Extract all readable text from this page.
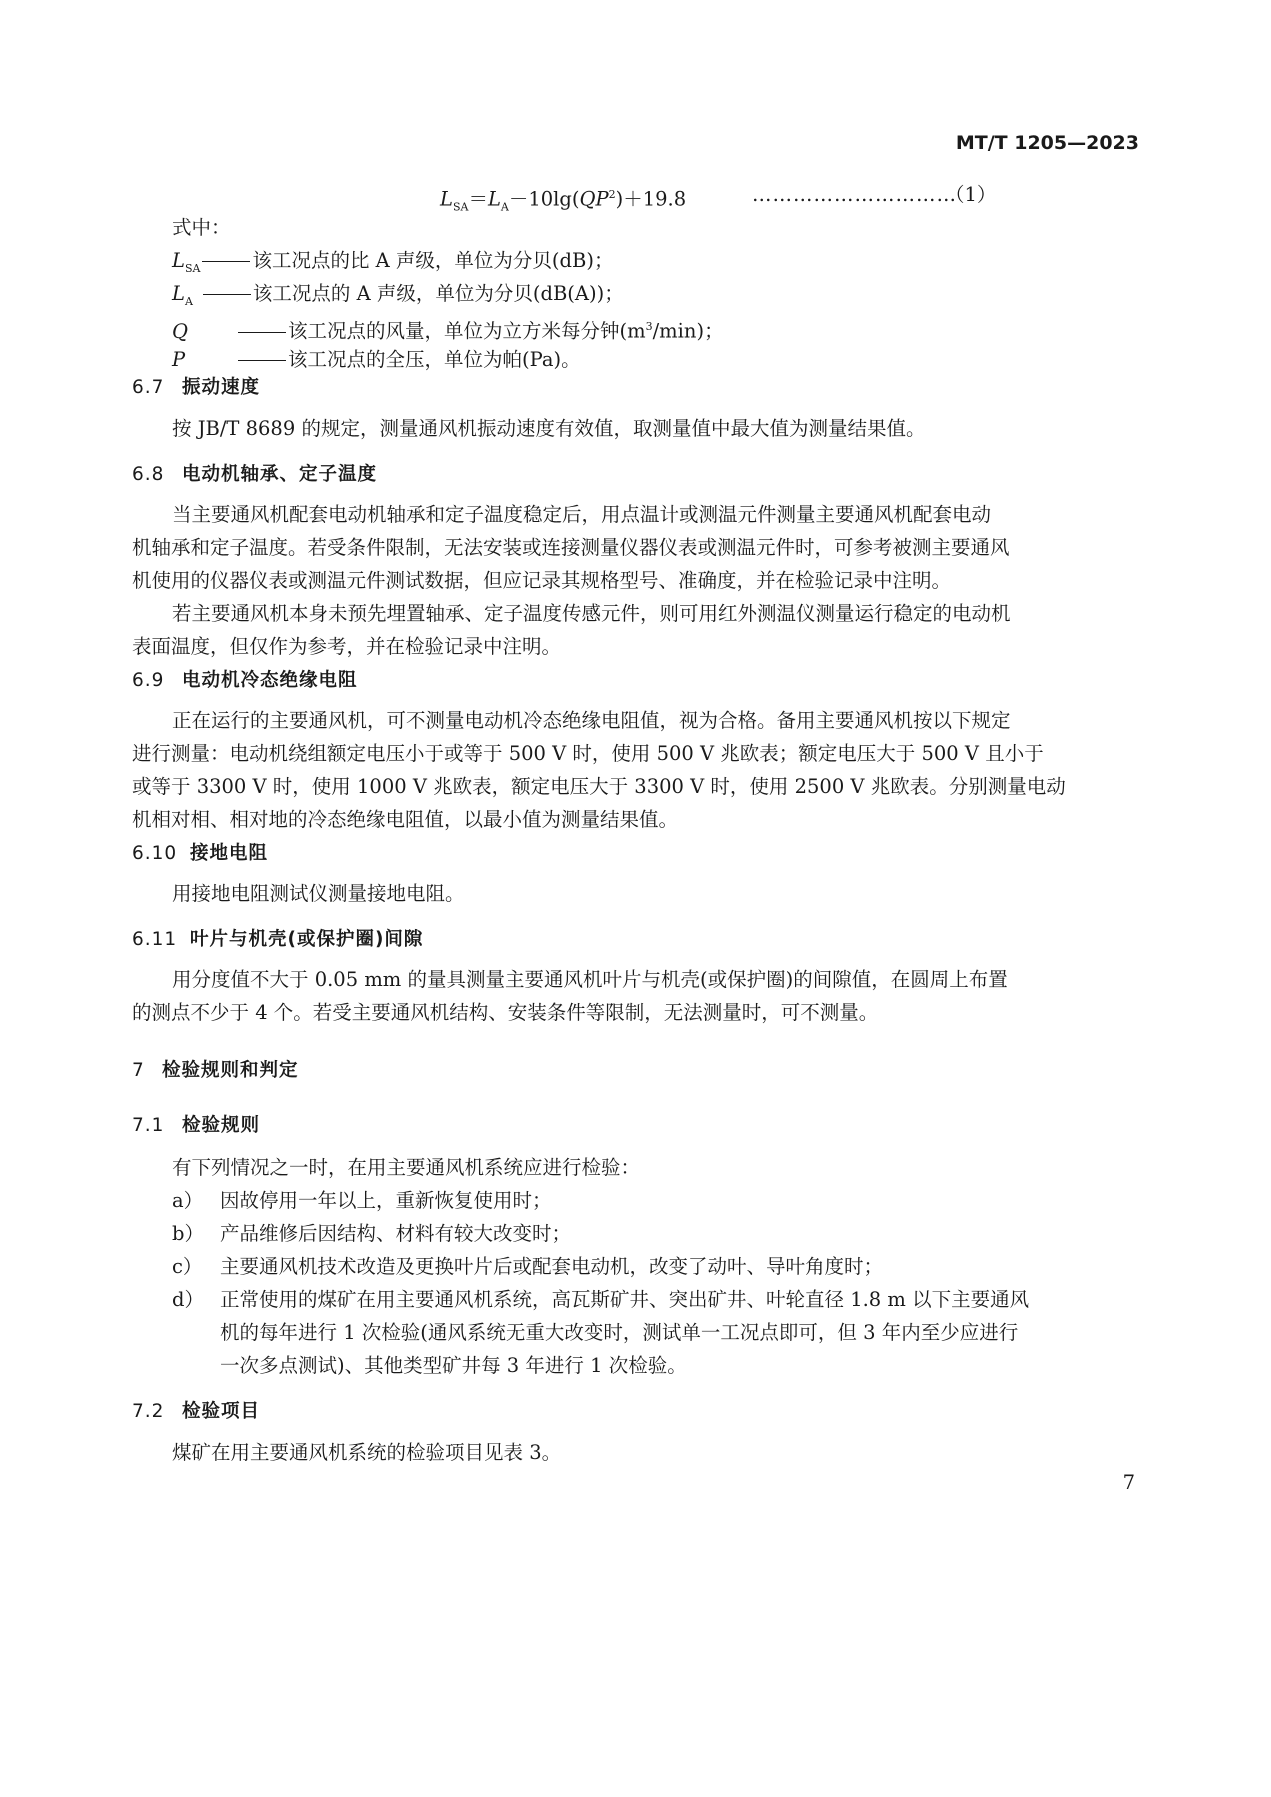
MT/T 1205—2023
$L_{SA}=L_A-10\lg(QP^2)+19.8$	…………………………
（1）
式中：
$L_{SA}$	该工况点的比 A 声级，单位为分贝(dB)；
$L_A$	该工况点的 A 声级，单位为分贝(dB(A))；
Q	该工况点的风量，单位为立方米每分钟$(m^3/\min)$；
P	该工况点的全压，单位为帕(Pa)。
6.7 振动速度
按 JB/T 8689 的规定，测量通风机振动速度有效值，取测量值中最大值为测量结果值。
6.8 电动机轴承、定子温度
当主要通风机配套电动机轴承和定子温度稳定后，用点温计或测温元件测量主要通风机配套电动
机轴承和定子温度。若受条件限制，无法安装或连接测量仪器仪表或测温元件时，可参考被测主要通风
机使用的仪器仪表或测温元件测试数据，但应记录其规格型号、准确度，并在检验记录中注明。
若主要通风机本身未预先埋置轴承、定子温度传感元件，则可用红外测温仪测量运行稳定的电动机
表面温度，但仅作为参考，并在检验记录中注明。
6.9 电动机冷态绝缘电阻
正在运行的主要通风机，可不测量电动机冷态绝缘电阻值，视为合格。备用主要通风机按以下规定
进行测量：电动机绕组额定电压小于或等于 500 V 时，使用 500 V 兆欧表；额定电压大于 500 V 且小于
或等于 3300 V 时，使用 1000 V 兆欧表，额定电压大于 3300 V 时，使用 2500 V 兆欧表。分别测量电动
机相对相、相对地的冷态绝缘电阻值，以最小值为测量结果值。
6.10 接地电阻
用接地电阻测试仪测量接地电阻。
6.11 叶片与机壳(或保护圈)间隙
用分度值不大于 0.05 mm 的量具测量主要通风机叶片与机壳(或保护圈)的间隙值，在圆周上布置
的测点不少于 4 个。若受主要通风机结构、安装条件等限制，无法测量时，可不测量。
7 检验规则和判定
7.1 检验规则
有下列情况之一时，在用主要通风机系统应进行检验：
a） 因故停用一年以上，重新恢复使用时；
b） 产品维修后因结构、材料有较大改变时；
c） 主要通风机技术改造及更换叶片后或配套电动机，改变了动叶、导叶角度时；
d） 正常使用的煤矿在用主要通风机系统，高瓦斯矿井、突出矿井、叶轮直径 1.8 m 以下主要通风
机的每年进行 1 次检验(通风系统无重大改变时，测试单一工况点即可，但 3 年内至少应进行
一次多点测试)、其他类型矿井每 3 年进行 1 次检验。
7.2 检验项目
煤矿在用主要通风机系统的检验项目见表 3。
7
